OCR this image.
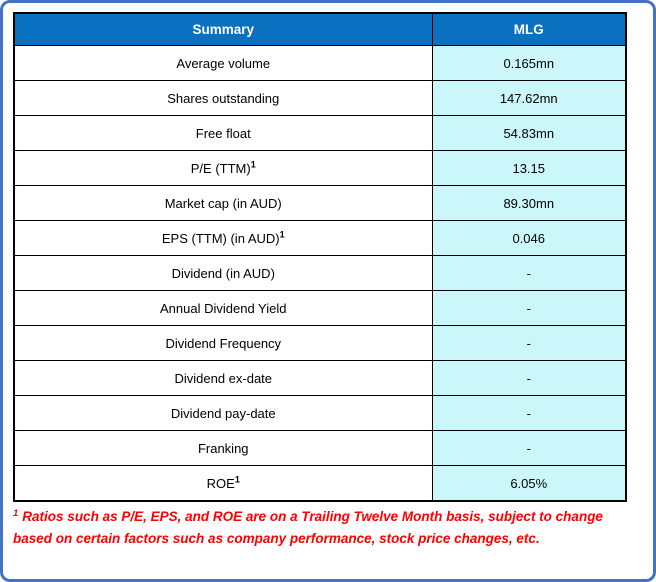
Summary	MLG
Average volume	0.165mn
Shares outstanding	147.62mn
Free float	54.83mn
P/E (TTM)$^1$	13.15
Market cap (in AUD)	89.30mn
EPS (TTM) (in AUD)$^1$	0.046
Dividend (in AUD)	-
Annual Dividend Yield	-
Dividend Frequency	-
Dividend ex-date	-
Dividend pay-date	-
Franking	-
ROE$^1$	6.05%
$^1$ Ratios such as P/E, EPS, and ROE are on a Trailing Twelve Month basis, subject to change based on certain factors such as company performance, stock price changes, etc.
